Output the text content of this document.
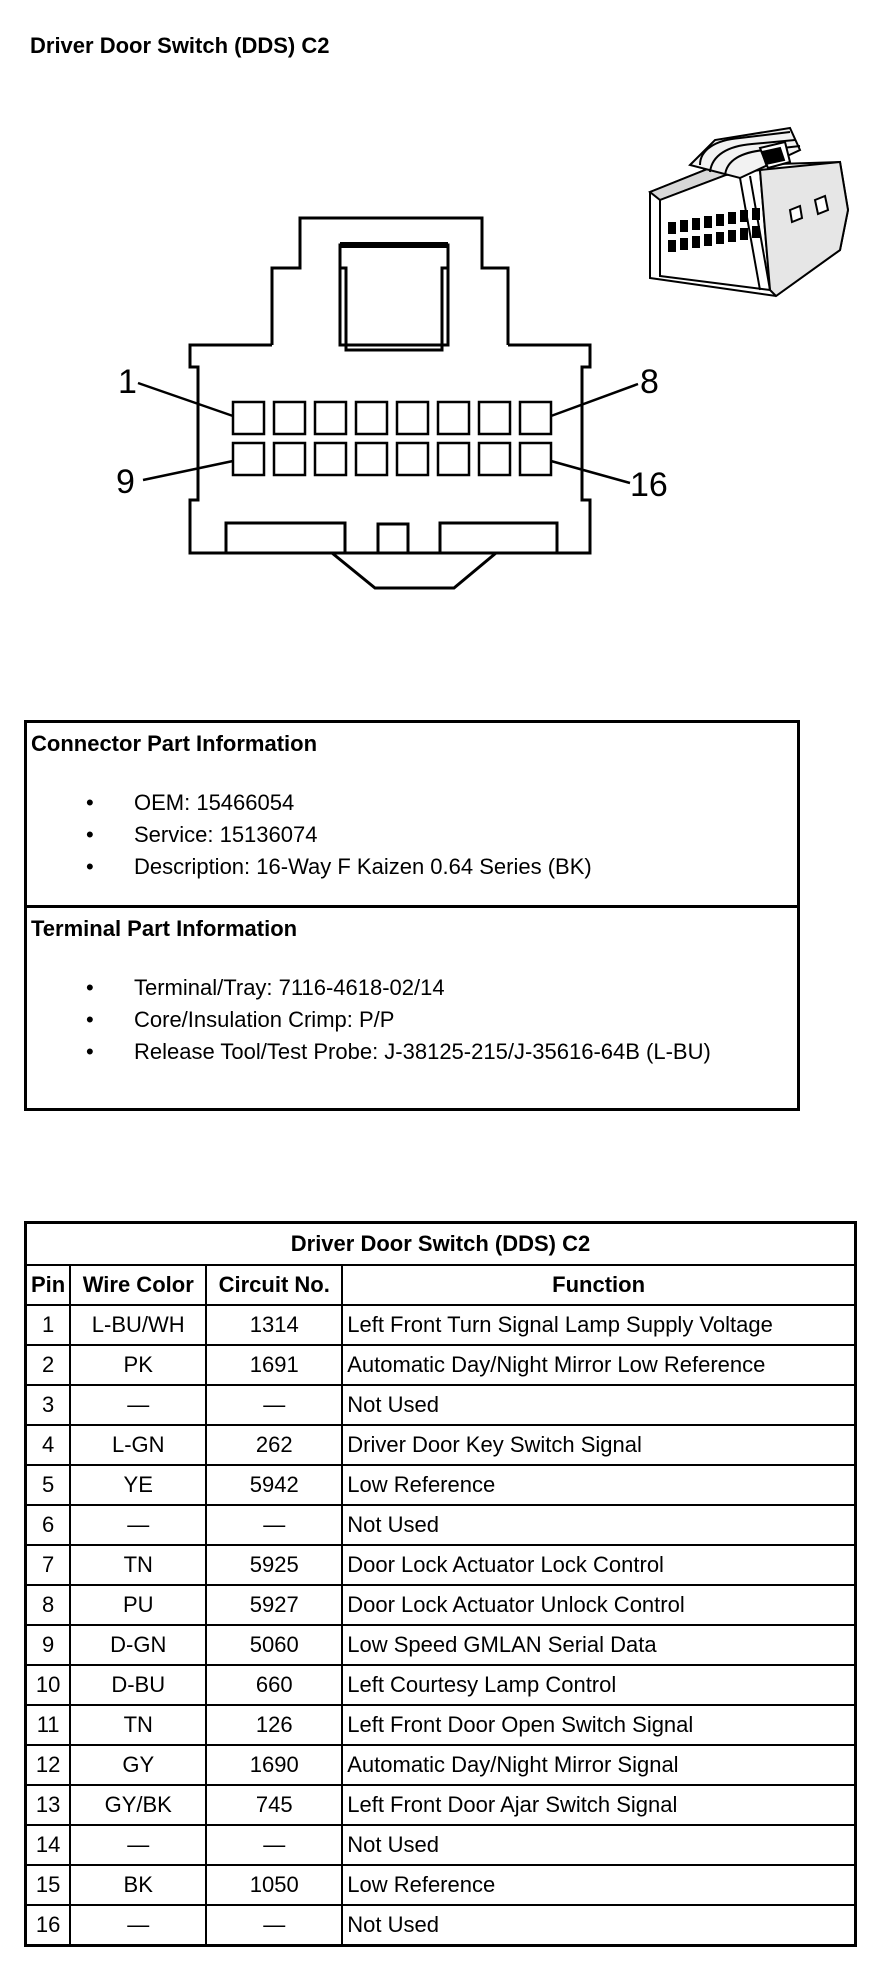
Driver Door Switch (DDS) C2
1	8
9	16
Connector Part Information
• OEM: 15466054
• Service: 15136074
• Description: 16-Way F Kaizen 0.64 Series (BK)
Terminal Part Information
• Terminal/Tray: 7116-4618-02/14
• Core/Insulation Crimp: P/P
• Release Tool/Test Probe: J-38125-215/J-35616-64B (L-BU)
Driver Door Switch (DDS) C2			
Pin	Wire Color	Circuit No.	Function
1	L-BU/WH	1314	Left Front Turn Signal Lamp Supply Voltage
2	PK	1691	Automatic Day/Night Mirror Low Reference
3	—	—	Not Used
4	L-GN	262	Driver Door Key Switch Signal
5	YE	5942	Low Reference
6	—	—	Not Used
7	TN	5925	Door Lock Actuator Lock Control
8	PU	5927	Door Lock Actuator Unlock Control
9	D-GN	5060	Low Speed GMLAN Serial Data
10	D-BU	660	Left Courtesy Lamp Control
11	TN	126	Left Front Door Open Switch Signal
12	GY	1690	Automatic Day/Night Mirror Signal
13	GY/BK	745	Left Front Door Ajar Switch Signal
14	—	—	Not Used
15	BK	1050	Low Reference
16	—	—	Not Used
